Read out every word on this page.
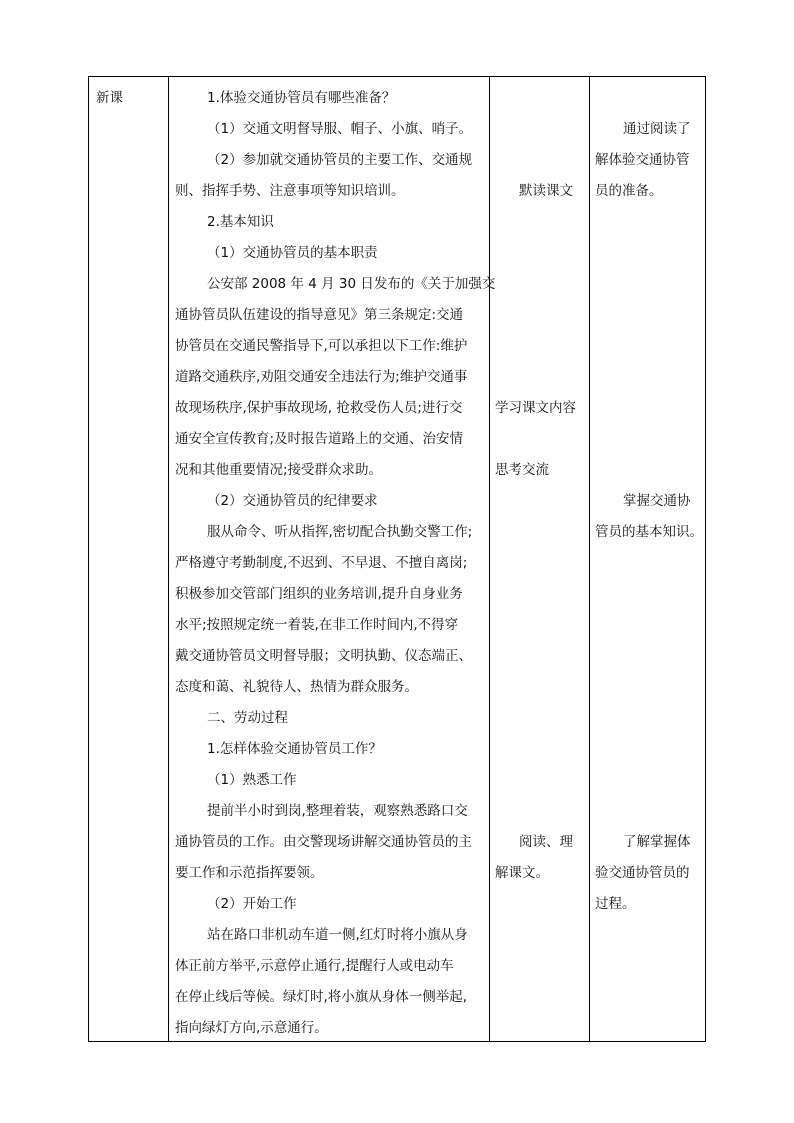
新课	1.体验交通协管员有哪些准备？
（1）交通文明督导服、帽子、小旗、哨子。
（2）参加就交通协管员的主要工作、交通规
则、指挥手势、注意事项等知识培训。
2.基本知识
（1）交通协管员的基本职责
公安部 2008 年 4 月 30 日发布的《关于加强交
通协管员队伍建设的指导意见》第三条规定:交通
协管员在交通民警指导下,可以承担以下工作:维护
道路交通秩序,劝阻交通安全违法行为;维护交通事
故现场秩序,保护事故现场, 抢救受伤人员;进行交
通安全宣传教育;及时报告道路上的交通、治安情
况和其他重要情况;接受群众求助。
（2）交通协管员的纪律要求
服从命令、听从指挥,密切配合执勤交警工作;
严格遵守考勤制度,不迟到、不早退、不擅自离岗;
积极参加交管部门组织的业务培训,提升自身业务
水平;按照规定统一着装,在非工作时间内,不得穿
戴交通协管员文明督导服；文明执勤、仪态端正、
态度和蔼、礼貌待人、热情为群众服务。
二、劳动过程
1.怎样体验交通协管员工作？
（1）熟悉工作
提前半小时到岗,整理着装，观察熟悉路口交
通协管员的工作。由交警现场讲解交通协管员的主
要工作和示范指挥要领。
（2）开始工作
站在路口非机动车道一侧,红灯时将小旗从身
体正前方举平,示意停止通行,提醒行人或电动车
在停止线后等候。绿灯时,将小旗从身体一侧举起,
指向绿灯方向,示意通行。
默读课文
学习课文内容
思考交流
阅读、理
解课文。
通过阅读了
解体验交通协管
员的准备。
掌握交通协
管员的基本知识。
了解掌握体
验交通协管员的
过程。
